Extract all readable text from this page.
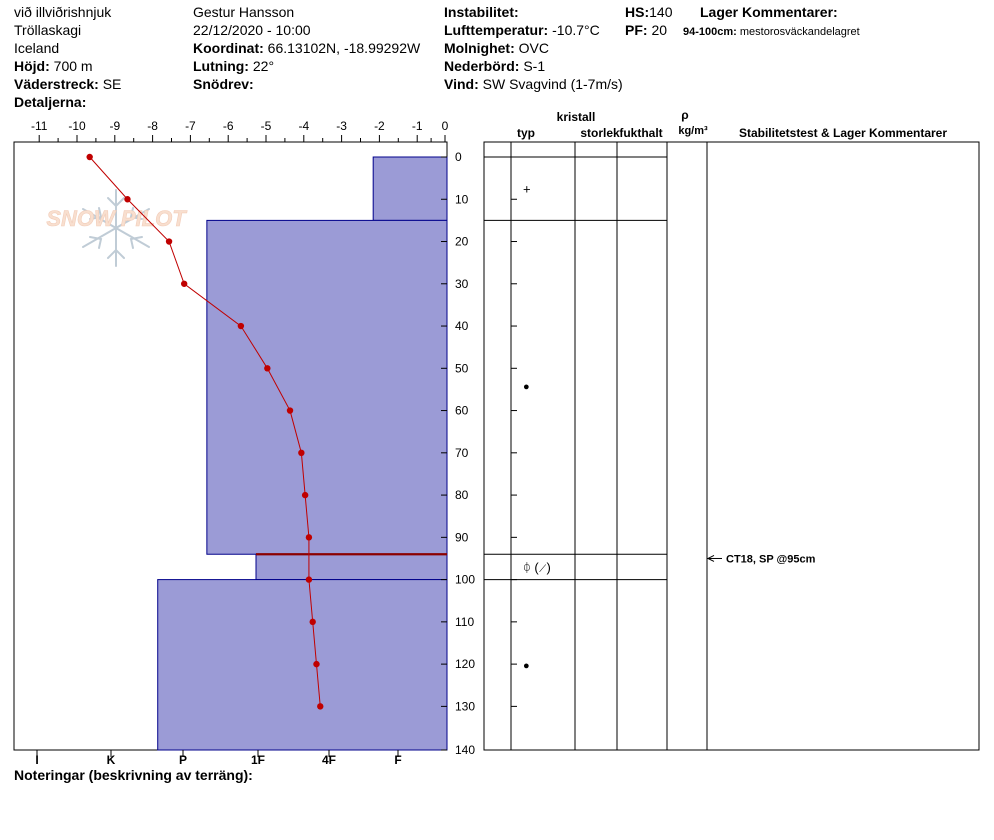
við illviðrishnjuk
Tröllaskagi
Iceland
Höjd: 700 m
Väderstreck: SE
Detaljerna:
Gestur Hansson
22/12/2020 - 10:00
Koordinat: 66.13102N, -18.99292W
Lutning: 22°
Snödrev:
Instabilitet:
Lufttemperatur: -10.7°C
Molnighet: OVC
Nederbörd: S-1
Vind: SW Svagvind (1-7m/s)
HS:140
PF: 20
Lager Kommentarer:
94-100cm: mestorosväckandelagret
SNOW PILOT
-11 -10 -9 -8 -7 -6 -5 -4 -3 -2 -1 0
I	K	P	1F	4F	F
0
10
20
30
40
50
60
70
80
90
100
110
120
130
140
+
●
ᛰ (⟋)
●
CT18, SP @95cm
kristall
typ	storlek fukthalt
ρ
kg/m³	Stabilitetstest & Lager Kommentarer
Noteringar (beskrivning av terräng):
